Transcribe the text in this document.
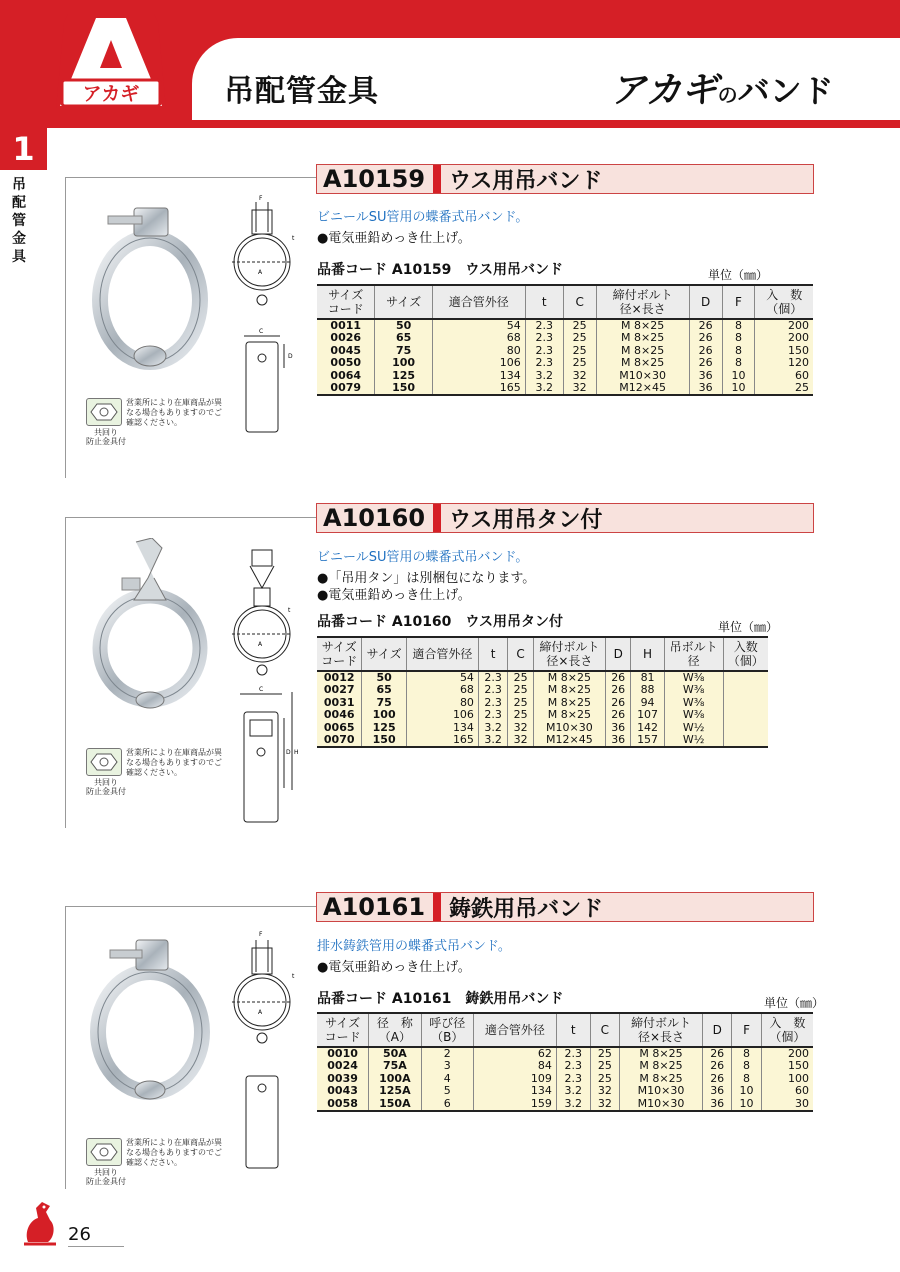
アカギ	吊配管金具	アカギのバンド
1
吊配管金具
F
t
A
C
D
営業所により在庫商品が異なる場合もありますのでご確認ください。
共回り
防止金具付
A10159	ウス用吊バンド
ビニールSU管用の蝶番式吊バンド。
●電気亜鉛めっき仕上げ。
品番コード A10159　ウス用吊バンド	単位（㎜）
サイズ
コード	サイズ	適合管外径	t	C	締付ボルト
径×長さ	D	F	入　数
（個）
0011	50	54	2.3	25	M 8×25	26	8	200
0026	65	68	2.3	25	M 8×25	26	8	200
0045	75	80	2.3	25	M 8×25	26	8	150
0050	100	106	2.3	25	M 8×25	26	8	120
0064	125	134	3.2	32	M10×30	36	10	60
0079	150	165	3.2	32	M12×45	36	10	25
t
A
C
D H
営業所により在庫商品が異なる場合もありますのでご確認ください。
共回り
防止金具付
A10160	ウス用吊タン付
ビニールSU管用の蝶番式吊バンド。
●「吊用タン」は別梱包になります。
●電気亜鉛めっき仕上げ。
品番コード A10160　ウス用吊タン付	単位（㎜）
サイズ
コード	サイズ	適合管外径	t	C	締付ボルト
径×長さ	D	H	吊ボルト
径	入数
（個）
0012	50	54	2.3	25	M 8×25	26	81	W⅜	
0027	65	68	2.3	25	M 8×25	26	88	W⅜	
0031	75	80	2.3	25	M 8×25	26	94	W⅜	
0046	100	106	2.3	25	M 8×25	26	107	W⅜	
0065	125	134	3.2	32	M10×30	36	142	W½	
0070	150	165	3.2	32	M12×45	36	157	W½	
F
t
A
営業所により在庫商品が異なる場合もありますのでご確認ください。
共回り
防止金具付
A10161	鋳鉄用吊バンド
排水鋳鉄管用の蝶番式吊バンド。
●電気亜鉛めっき仕上げ。
品番コード A10161　鋳鉄用吊バンド	単位（㎜）
サイズ
コード	径　称
（A）	呼び径
（B）	適合管外径	t	C	締付ボルト
径×長さ	D	F	入　数
（個）
0010	50A	2	62	2.3	25	M 8×25	26	8	200
0024	75A	3	84	2.3	25	M 8×25	26	8	150
0039	100A	4	109	2.3	25	M 8×25	26	8	100
0043	125A	5	134	3.2	32	M10×30	36	10	60
0058	150A	6	159	3.2	32	M10×30	36	10	30
26
